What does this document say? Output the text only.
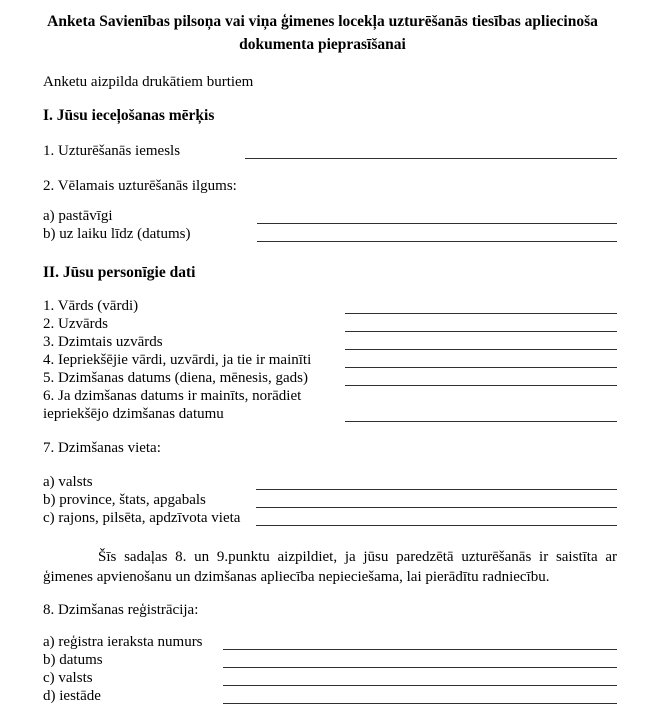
Anketa Savienības pilsoņa vai viņa ģimenes locekļa uzturēšanās tiesības apliecinoša dokumenta pieprasīšanai
Anketu aizpilda drukātiem burtiem
I. Jūsu ieceļošanas mērķis
1. Uzturēšanās iemesls
2. Vēlamais uzturēšanās ilgums:
a) pastāvīgi
b) uz laiku līdz (datums)
II. Jūsu personīgie dati
1. Vārds (vārdi)
2. Uzvārds
3. Dzimtais uzvārds
4. Iepriekšējie vārdi, uzvārdi, ja tie ir mainīti
5. Dzimšanas datums (diena, mēnesis, gads)
6. Ja dzimšanas datums ir mainīts, norādiet iepriekšējo dzimšanas datumu
7. Dzimšanas vieta:
a) valsts
b) province, štats, apgabals
c) rajons, pilsēta, apdzīvota vieta
Šīs sadaļas 8. un 9.punktu aizpildiet, ja jūsu paredzētā uzturēšanās ir saistīta ar ģimenes apvienošanu un dzimšanas apliecība nepieciešama, lai pierādītu radniecību.
8. Dzimšanas reģistrācija:
a) reģistra ieraksta numurs
b) datums
c) valsts
d) iestāde
